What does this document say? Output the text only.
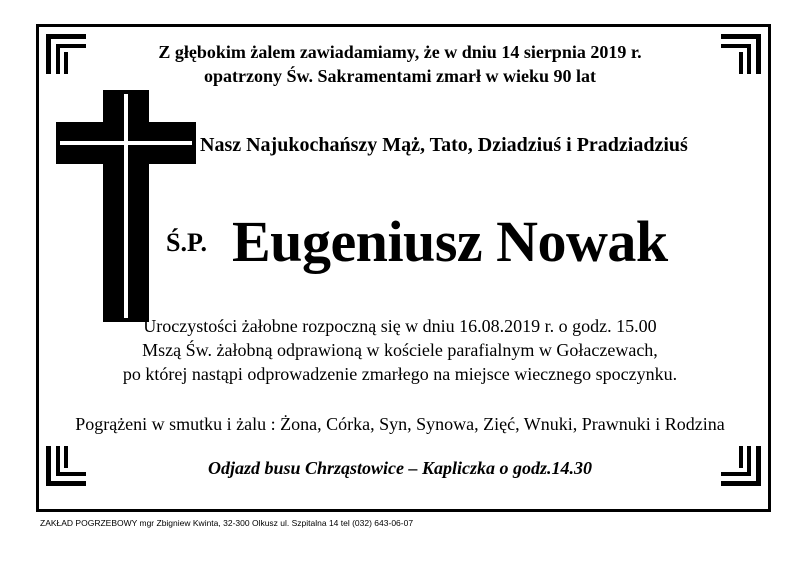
Z głębokim żalem zawiadamiamy, że w dniu 14 sierpnia 2019 r.
opatrzony Św. Sakramentami zmarł w wieku 90 lat
Nasz Najukochańszy Mąż, Tato, Dziadziuś i Pradziadziuś
Ś.P. Eugeniusz Nowak
Uroczystości żałobne rozpoczną się w dniu 16.08.2019 r. o godz. 15.00
Mszą Św. żałobną odprawioną w kościele parafialnym w Gołaczewach,
po której nastąpi odprowadzenie zmarłego na miejsce wiecznego spoczynku.
Pogrążeni w smutku i żalu : Żona, Córka, Syn, Synowa, Zięć, Wnuki, Prawnuki i Rodzina
Odjazd busu Chrząstowice – Kapliczka o godz.14.30
ZAKŁAD POGRZEBOWY mgr Zbigniew Kwinta, 32-300 Olkusz ul. Szpitalna 14 tel (032) 643-06-07
